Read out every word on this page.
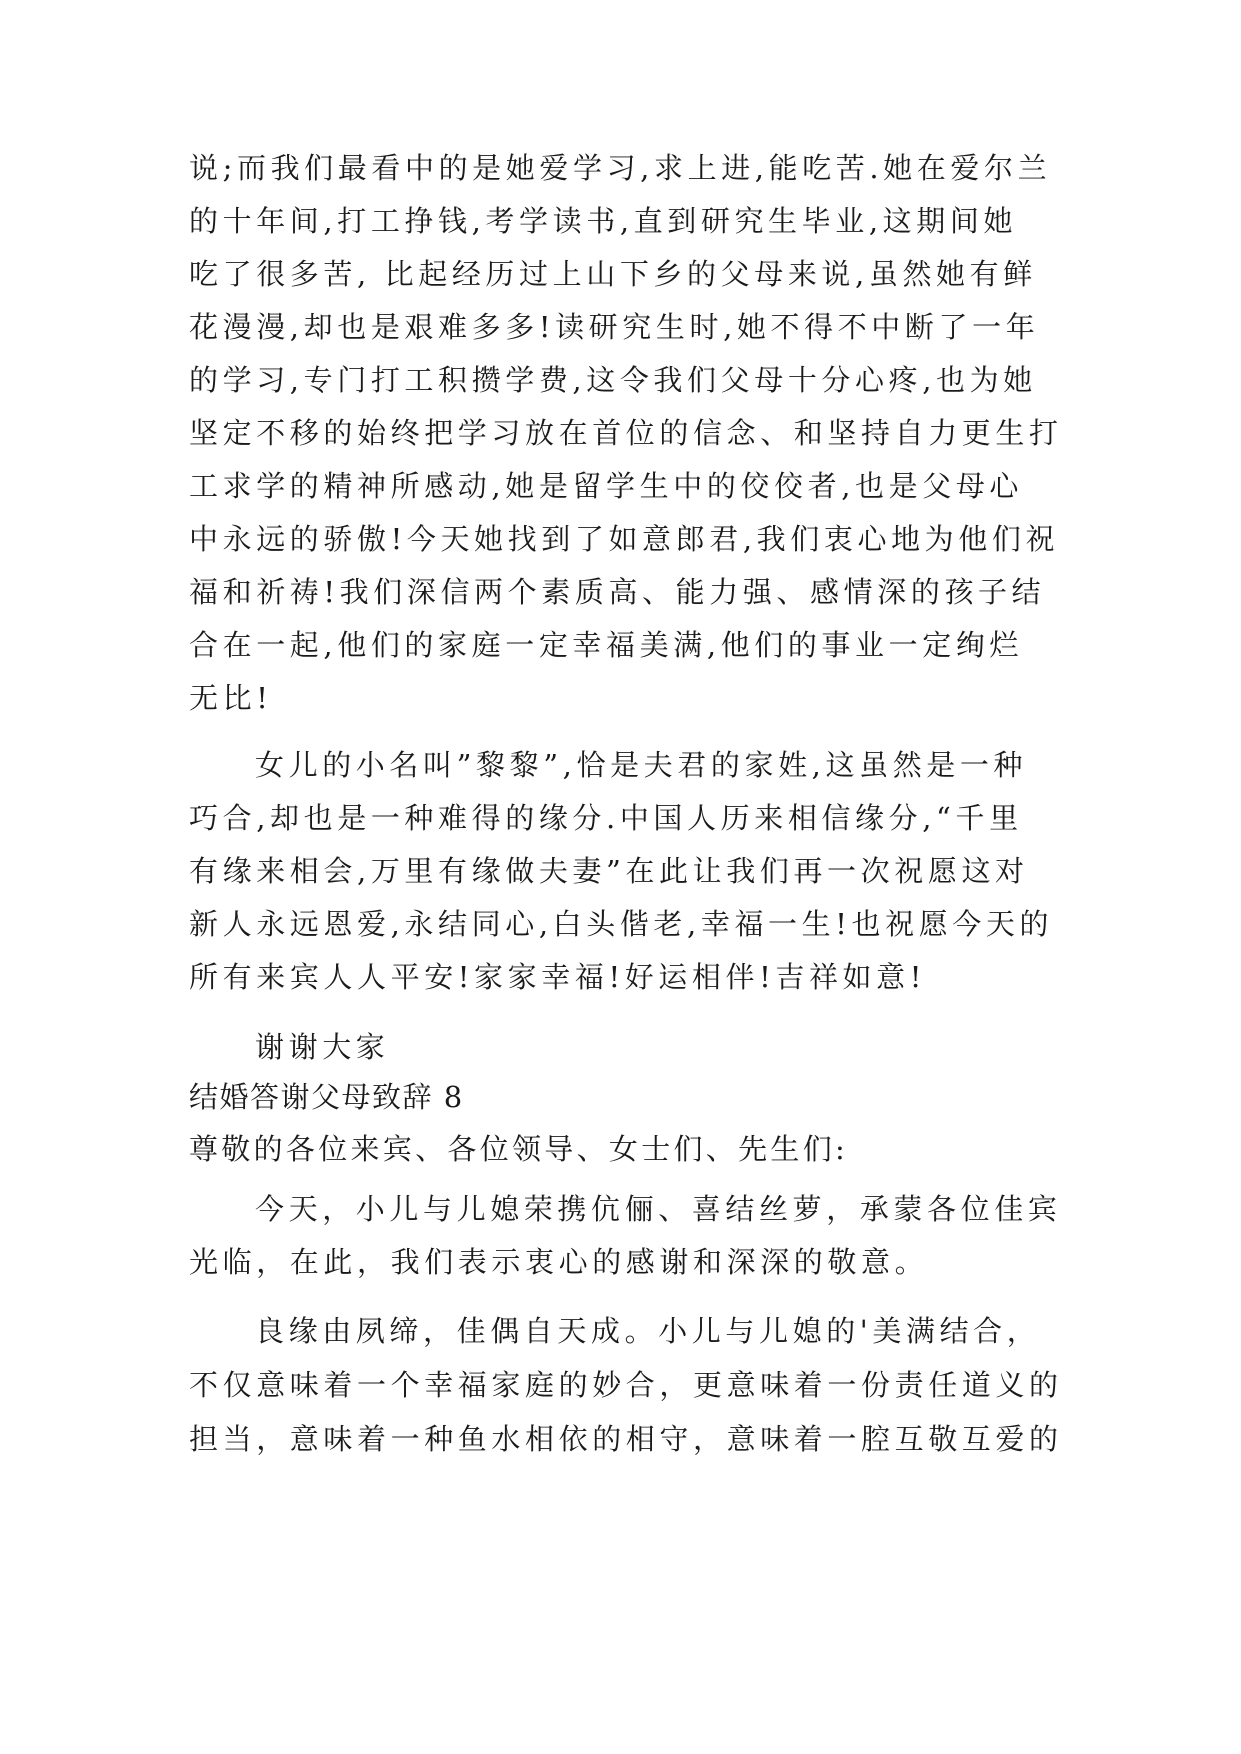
说;而我们最看中的是她爱学习,求上进,能吃苦.她在爱尔兰
的十年间,打工挣钱,考学读书,直到研究生毕业,这期间她
吃了很多苦, 比起经历过上山下乡的父母来说,虽然她有鲜
花漫漫,却也是艰难多多!读研究生时,她不得不中断了一年
的学习,专门打工积攒学费,这令我们父母十分心疼,也为她
坚定不移的始终把学习放在首位的信念、和坚持自力更生打
工求学的精神所感动,她是留学生中的佼佼者,也是父母心
中永远的骄傲!今天她找到了如意郎君,我们衷心地为他们祝
福和祈祷!我们深信两个素质高、能力强、感情深的孩子结
合在一起,他们的家庭一定幸福美满,他们的事业一定绚烂
无比!
女儿的小名叫”黎黎”,恰是夫君的家姓,这虽然是一种
巧合,却也是一种难得的缘分.中国人历来相信缘分,“千里
有缘来相会,万里有缘做夫妻”在此让我们再一次祝愿这对
新人永远恩爱,永结同心,白头偕老,幸福一生!也祝愿今天的
所有来宾人人平安!家家幸福!好运相伴!吉祥如意!
谢谢大家
结婚答谢父母致辞 8
尊敬的各位来宾、各位领导、女士们、先生们:
今天，小儿与儿媳荣携伉俪、喜结丝萝，承蒙各位佳宾
光临，在此，我们表示衷心的感谢和深深的敬意。
良缘由夙缔，佳偶自天成。小儿与儿媳的'美满结合，
不仅意味着一个幸福家庭的妙合，更意味着一份责任道义的
担当，意味着一种鱼水相依的相守，意味着一腔互敬互爱的
